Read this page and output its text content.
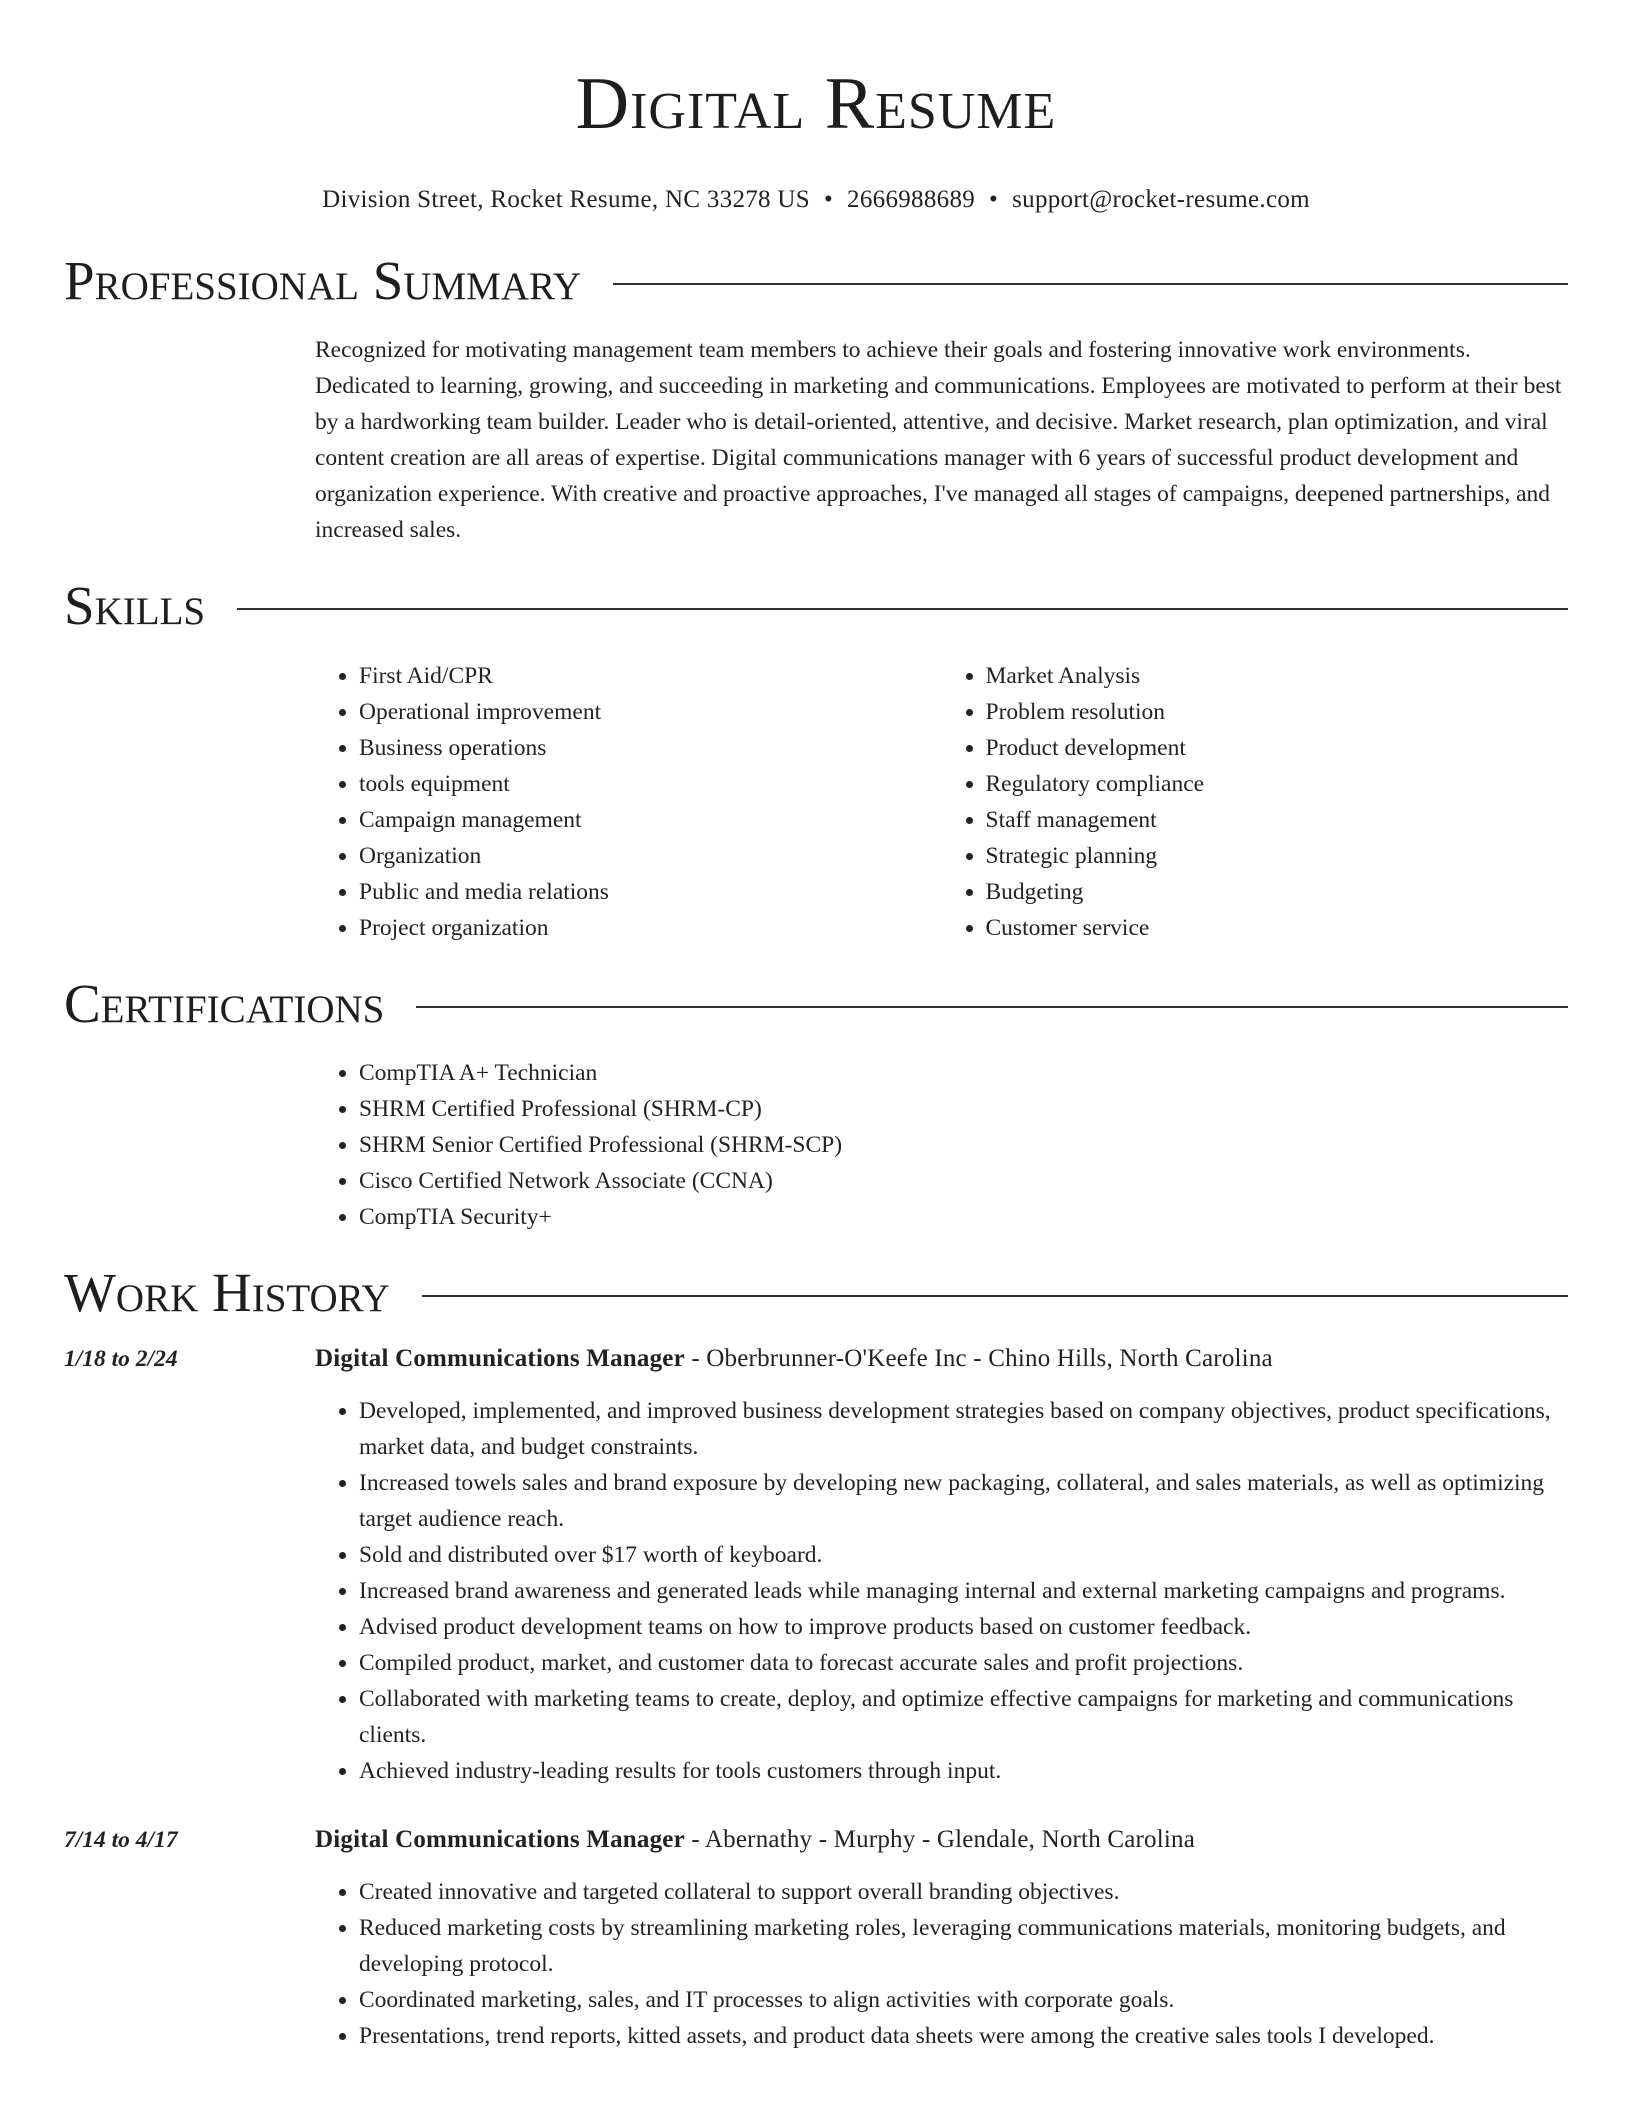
Digital Resume
Division Street, Rocket Resume, NC 33278 US • 2666988689 • support@rocket-resume.com
Professional Summary

Recognized for motivating management team members to achieve their goals and fostering innovative work environments. Dedicated to learning, growing, and succeeding in marketing and communications. Employees are motivated to perform at their best by a hardworking team builder. Leader who is detail-oriented, attentive, and decisive. Market research, plan optimization, and viral content creation are all areas of expertise. Digital communications manager with 6 years of successful product development and organization experience. With creative and proactive approaches, I've managed all stages of campaigns, deepened partnerships, and increased sales.

Skills
• First Aid/CPR
• Operational improvement
• Business operations
• tools equipment
• Campaign management
• Organization
• Public and media relations
• Project organization
• Market Analysis
• Problem resolution
• Product development
• Regulatory compliance
• Staff management
• Strategic planning
• Budgeting
• Customer service
Certifications
• CompTIA A+ Technician
• SHRM Certified Professional (SHRM-CP)
• SHRM Senior Certified Professional (SHRM-SCP)
• Cisco Certified Network Associate (CCNA)
• CompTIA Security+
Work History
1/18 to 2/24	Digital Communications Manager - Oberbrunner-O'Keefe Inc - Chino Hills, North Carolina
• Developed, implemented, and improved business development strategies based on company objectives, product specifications, market data, and budget constraints.
• Increased towels sales and brand exposure by developing new packaging, collateral, and sales materials, as well as optimizing target audience reach.
• Sold and distributed over $17 worth of keyboard.
• Increased brand awareness and generated leads while managing internal and external marketing campaigns and programs.
• Advised product development teams on how to improve products based on customer feedback.
• Compiled product, market, and customer data to forecast accurate sales and profit projections.
• Collaborated with marketing teams to create, deploy, and optimize effective campaigns for marketing and communications clients.
• Achieved industry-leading results for tools customers through input.
7/14 to 4/17	Digital Communications Manager - Abernathy - Murphy - Glendale, North Carolina
• Created innovative and targeted collateral to support overall branding objectives.
• Reduced marketing costs by streamlining marketing roles, leveraging communications materials, monitoring budgets, and developing protocol.
• Coordinated marketing, sales, and IT processes to align activities with corporate goals.
• Presentations, trend reports, kitted assets, and product data sheets were among the creative sales tools I developed.
